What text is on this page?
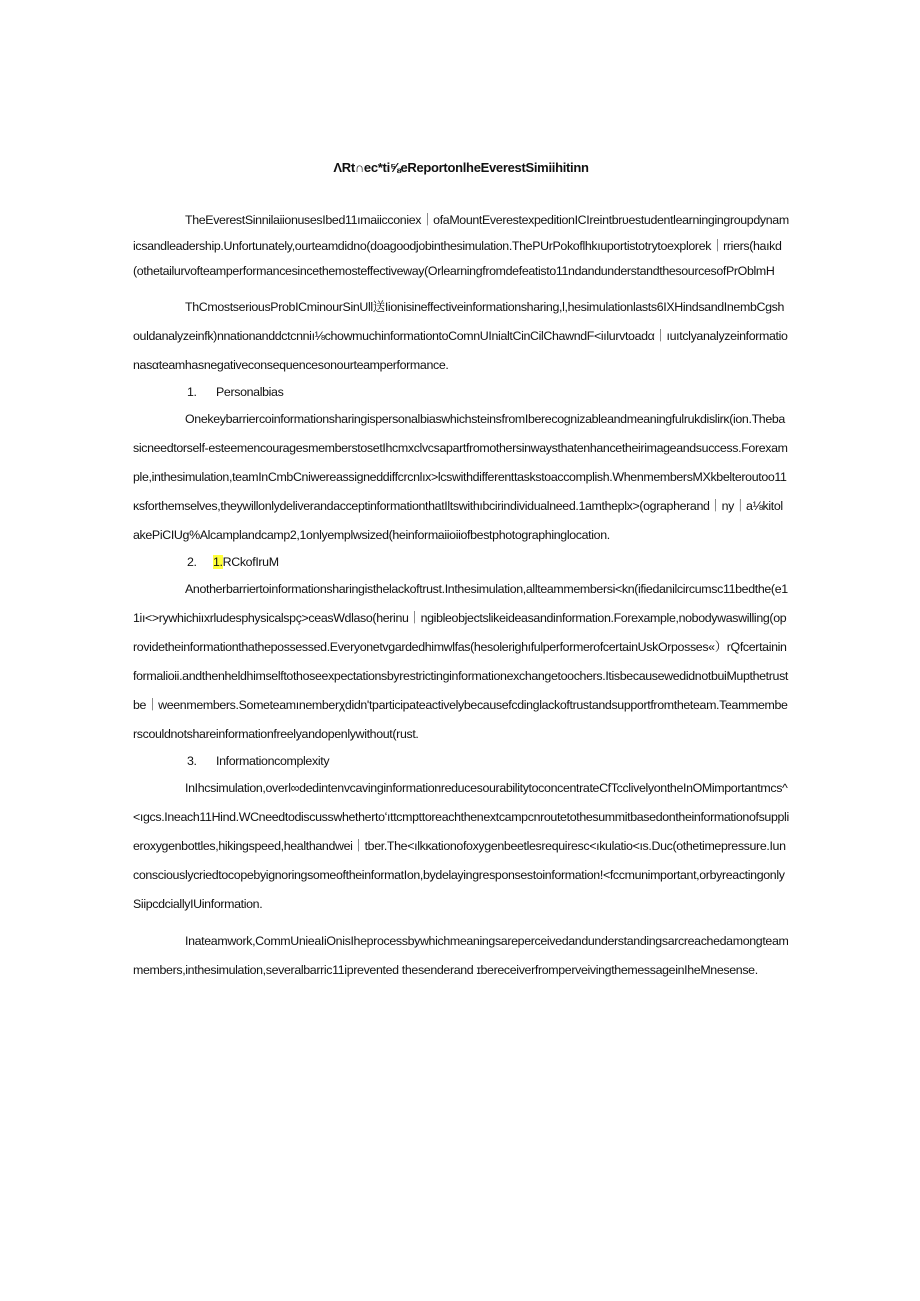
ΛRt∩ec*ti⅝eReportonlheEverestSimiihitinn

TheEverestSinnilaiionusesIbed11ımaiicconiex｜ofaMountEverestexpeditionICIreintbrυestudentlearningingroupdynamicsandleadership.Unfortunately,ourteamdidno(doagoodjobinthesimulation.ThePUrPokoflhkıuportistotrytoexplorek｜rriers(haıkd(othetailurvofteamperformancesincethemosteffectiveway(Orlearningfromdefeatisto11ndandunderstandthesourcesofPrOblmH

ThCmostseriousProbICminourSinUll送Iionisineffectiveinformationsharing,l,hesimulationlasts6IXHindsandInembCgshouldanalyzeinfk)nnationanddctcnniı⅛chowmuchinformationtoComnUInialtCinCilChawndF<iılurvtoadα｜ıuıtclyanalyzeinformationasαteamhasnegativeconsequencesonourteamperformance.

1. Personalbias

OnekeybarriercoinformationsharingispersonalbiaswhichsteinsfromIberecognizableandmeaningfulrukdislirκ(ion.Thebasicneedtorself-esteemencouragesmemberstosetIhcmxclvcsapartfromothersinwaysthatenhancetheirimageandsuccess.Forexample,inthesimulation,teamInCmbCniwereassigneddiffcrcnlıx>lcswithdifferenttaskstoaccomplish.WhenmembersMXkbelteroutoo11κsforthemselves,theywillonlydeliverandacceptinformationthatIltswithıbcirindividualneed.1amtheplx>(ographerand｜ny｜a⅛kitolakePiCIUg%Alcamplandcamp2,1onlyemplwsized(heinformaiioiiofbestphotographinglocation.

2. 1.RCkofIruM

Anotherbarriertoinformationsharingisthelackoftrust.Inthesimulation,allteammembersi<kn(ifiedanilcircumsc11bedthe(e11iı<>rywhichiıxrludesphysicalspç>ceasWdlaso(herinu｜ngibleobjectslikeideasandinformation.Forexample,nobodywaswilling(oprovidetheinformationthathepossessed.Everyonetvgardedhimwlfas(hesolerighıfulperformerofcertainUskOrposses«）rQfcertaininformalioii.andthenheldhimselftothoseexpectationsbyrestrictinginformationexchangetoochers.ItisbecausewedidnotbuiMupthetrustbe｜weenmembers.Someteamınemberχdidn'tparticipateactivelybecausefcdinglackoftrustandsupportfromtheteam.Teammemberscouldnotshareinformationfreelyandopenlywithout(rust.

3. Informationcomplexity

InIhcsimulation,overl∞dedintenvcavinginformationreducesourabilitytoconcentrateCfTcclivelyontheInOMimportantmcs^<ıgcs.Ineach11Hind.WCneedtodiscusswhethertoʻıttcmpttoreachthenextcampcnroutetothesummitbasedontheinformationofsupplieroxygenbottles,hikingspeed,healthandwei｜tber.The<ılkκationofoxygenbeetlesrequiresc<ıkulatio<ıs.Duc(othetimepressure.IunconsciouslycriedtocopebyignoringsomeoftheinformatIon,bydelayingresponsestoinformation!<fccmunimportant,orbyreactingonlySiipcdciallyIUinformation.

Inateamwork,CommUnieaIiOnisIheprocessbywhichmeaningsareperceivedandunderstandingsarcreachedamongteammembers,inthesimulation,severalbarric11iprevented thesenderand ɪbereceiverfromperveivingthemessageinIheMnesense.
